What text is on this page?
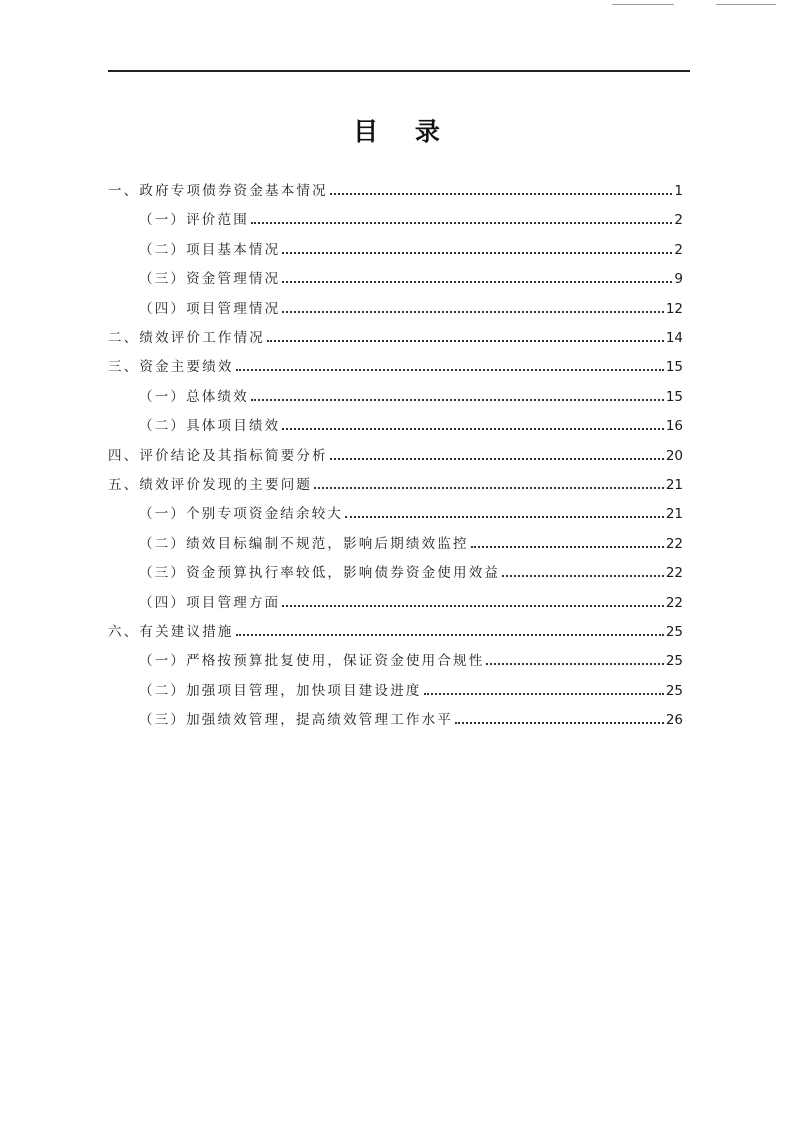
目 录
一、政府专项债券资金基本情况	1
（一）评价范围	2
（二）项目基本情况	2
（三）资金管理情况	9
（四）项目管理情况	12
二、绩效评价工作情况	14
三、资金主要绩效	15
（一）总体绩效	15
（二）具体项目绩效	16
四、评价结论及其指标简要分析	20
五、绩效评价发现的主要问题	21
（一）个别专项资金结余较大	21
（二）绩效目标编制不规范，影响后期绩效监控	22
（三）资金预算执行率较低，影响债券资金使用效益	22
（四）项目管理方面	22
六、有关建议措施	25
（一）严格按预算批复使用，保证资金使用合规性	25
（二）加强项目管理，加快项目建设进度	25
（三）加强绩效管理，提高绩效管理工作水平	26
